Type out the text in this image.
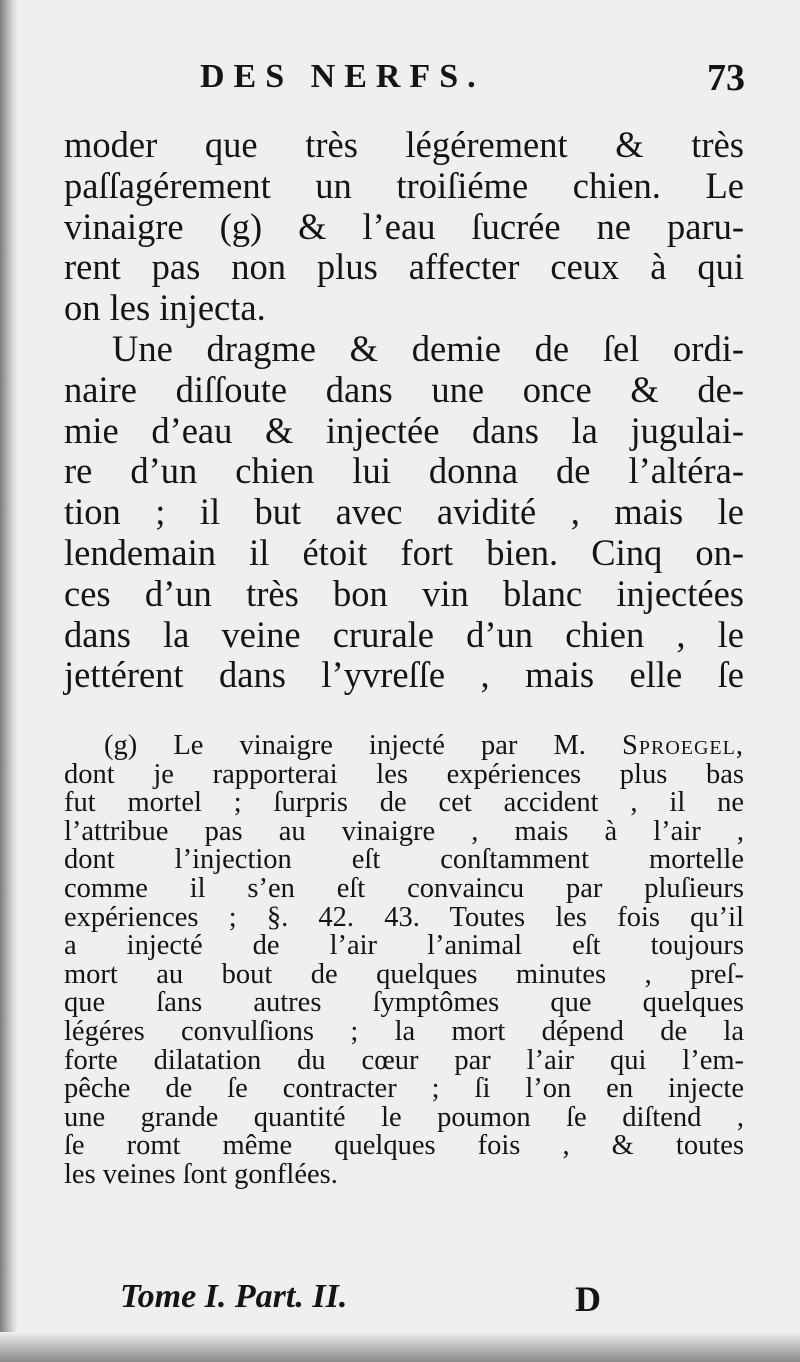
DES NERFS.	73
moder que très légérement & très
paſſagérement un troiſiéme chien. Le
vinaigre (g) & l’eau ſucrée ne paru-
rent pas non plus affecter ceux à qui
on les injecta.
Une dragme & demie de ſel ordi-
naire diſſoute dans une once & de-
mie d’eau & injectée dans la jugulai-
re d’un chien lui donna de l’altéra-
tion ; il but avec avidité , mais le
lendemain il étoit fort bien. Cinq on-
ces d’un très bon vin blanc injectées
dans la veine crurale d’un chien , le
jettérent dans l’yvreſſe , mais elle ſe
(g) Le vinaigre injecté par M. Sproegel,
dont je rapporterai les expériences plus bas
fut mortel ; ſurpris de cet accident , il ne
l’attribue pas au vinaigre , mais à l’air ,
dont l’injection eſt conſtamment mortelle
comme il s’en eſt convaincu par pluſieurs
expériences ; §. 42. 43. Toutes les fois qu’il
a injecté de l’air l’animal eſt toujours
mort au bout de quelques minutes , preſ-
que ſans autres ſymptômes que quelques
légéres convulſions ; la mort dépend de la
forte dilatation du cœur par l’air qui l’em-
pêche de ſe contracter ; ſi l’on en injecte
une grande quantité le poumon ſe diſtend ,
ſe romt même quelques fois , & toutes
les veines ſont gonflées.
Tome I. Part. II.	D
